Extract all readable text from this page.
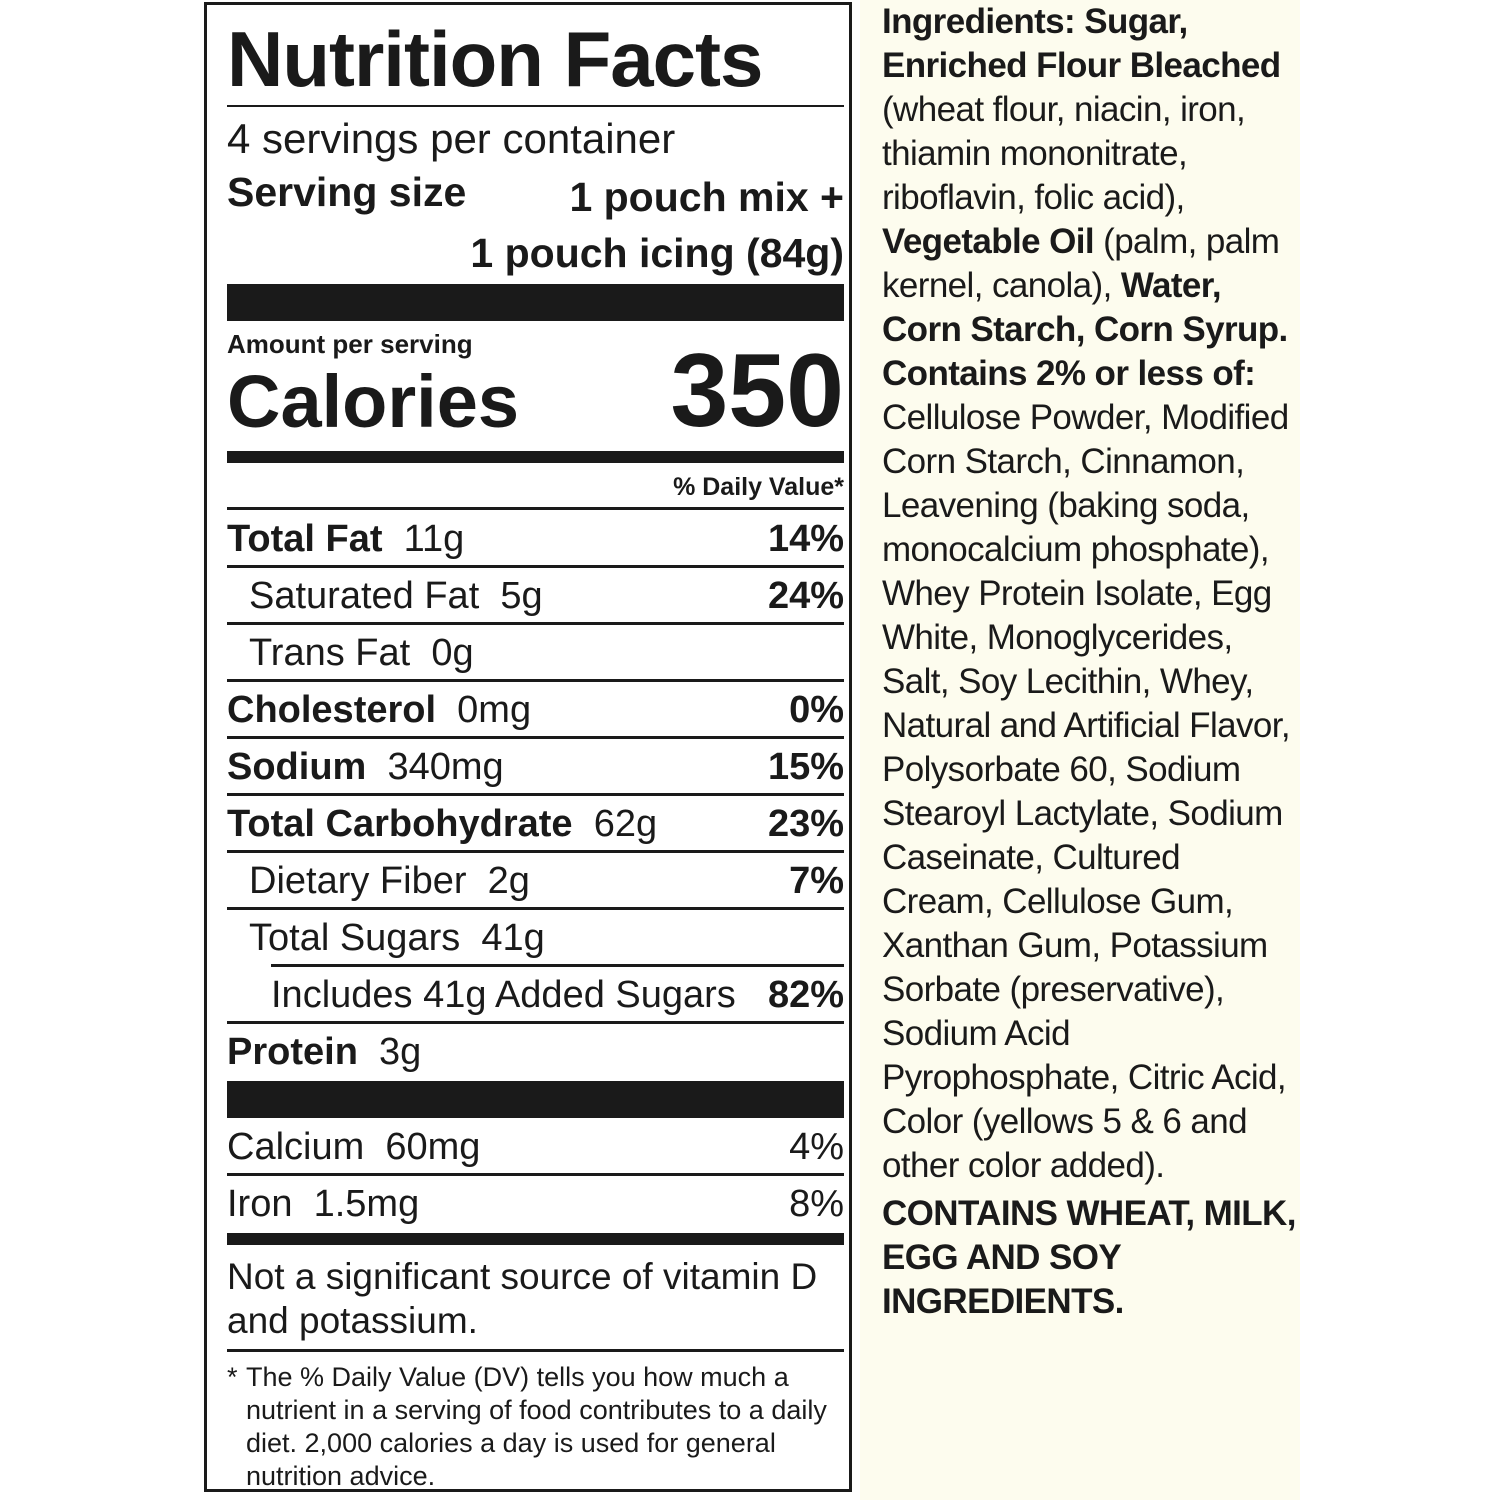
Nutrition Facts
4 servings per container
Serving size	1 pouch mix +
1 pouch icing (84g)
Amount per serving
Calories 350
% Daily Value*
Total Fat 11g	14%
Saturated Fat 5g	24%
Trans Fat 0g
Cholesterol 0mg	0%
Sodium 340mg	15%
Total Carbohydrate 62g	23%
Dietary Fiber 2g	7%
Total Sugars 41g
Includes 41g Added Sugars 82%
Protein 3g
Calcium 60mg	4%
Iron 1.5mg	8%
Not a significant source of vitamin D and potassium.
* The % Daily Value (DV) tells you how much a nutrient in a serving of food contributes to a daily diet. 2,000 calories a day is used for general nutrition advice.
Ingredients: Sugar, Enriched Flour Bleached (wheat flour, niacin, iron, thiamin mononitrate, riboflavin, folic acid), Vegetable Oil (palm, palm kernel, canola), Water, Corn Starch, Corn Syrup. Contains 2% or less of: Cellulose Powder, Modified Corn Starch, Cinnamon, Leavening (baking soda, monocalcium phosphate), Whey Protein Isolate, Egg White, Monoglycerides, Salt, Soy Lecithin, Whey, Natural and Artificial Flavor, Polysorbate 60, Sodium Stearoyl Lactylate, Sodium Caseinate, Cultured Cream, Cellulose Gum, Xanthan Gum, Potassium Sorbate (preservative), Sodium Acid Pyrophosphate, Citric Acid, Color (yellows 5 & 6 and other color added).
CONTAINS WHEAT, MILK, EGG AND SOY INGREDIENTS.
